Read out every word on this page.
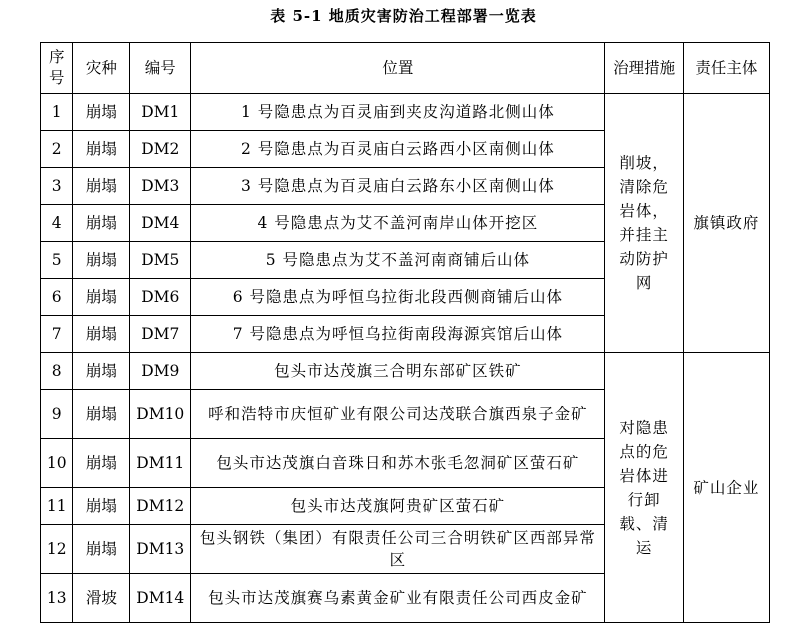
表 5-1 地质灾害防治工程部署一览表
序号	灾种	编号	位置	治理措施	责任主体
1	崩塌	DM1	1 号隐患点为百灵庙到夹皮沟道路北侧山体	削坡，清除危岩体，并挂主动防护网	旗镇政府
2	崩塌	DM2	2 号隐患点为百灵庙白云路西小区南侧山体		
3	崩塌	DM3	3 号隐患点为百灵庙白云路东小区南侧山体		
4	崩塌	DM4	4 号隐患点为艾不盖河南岸山体开挖区		
5	崩塌	DM5	5 号隐患点为艾不盖河南商铺后山体		
6	崩塌	DM6	6 号隐患点为呼恒乌拉街北段西侧商铺后山体		
7	崩塌	DM7	7 号隐患点为呼恒乌拉街南段海源宾馆后山体		
8	崩塌	DM9	包头市达茂旗三合明东部矿区铁矿	对隐患点的危岩体进行卸载、清运	矿山企业
9	崩塌	DM10	呼和浩特市庆恒矿业有限公司达茂联合旗西泉子金矿		
10	崩塌	DM11	包头市达茂旗白音珠日和苏木张毛忽洞矿区萤石矿		
11	崩塌	DM12	包头市达茂旗阿贵矿区萤石矿		
12	崩塌	DM13	包头钢铁（集团）有限责任公司三合明铁矿区西部异常区		
13	滑坡	DM14	包头市达茂旗赛乌素黄金矿业有限责任公司西皮金矿		
